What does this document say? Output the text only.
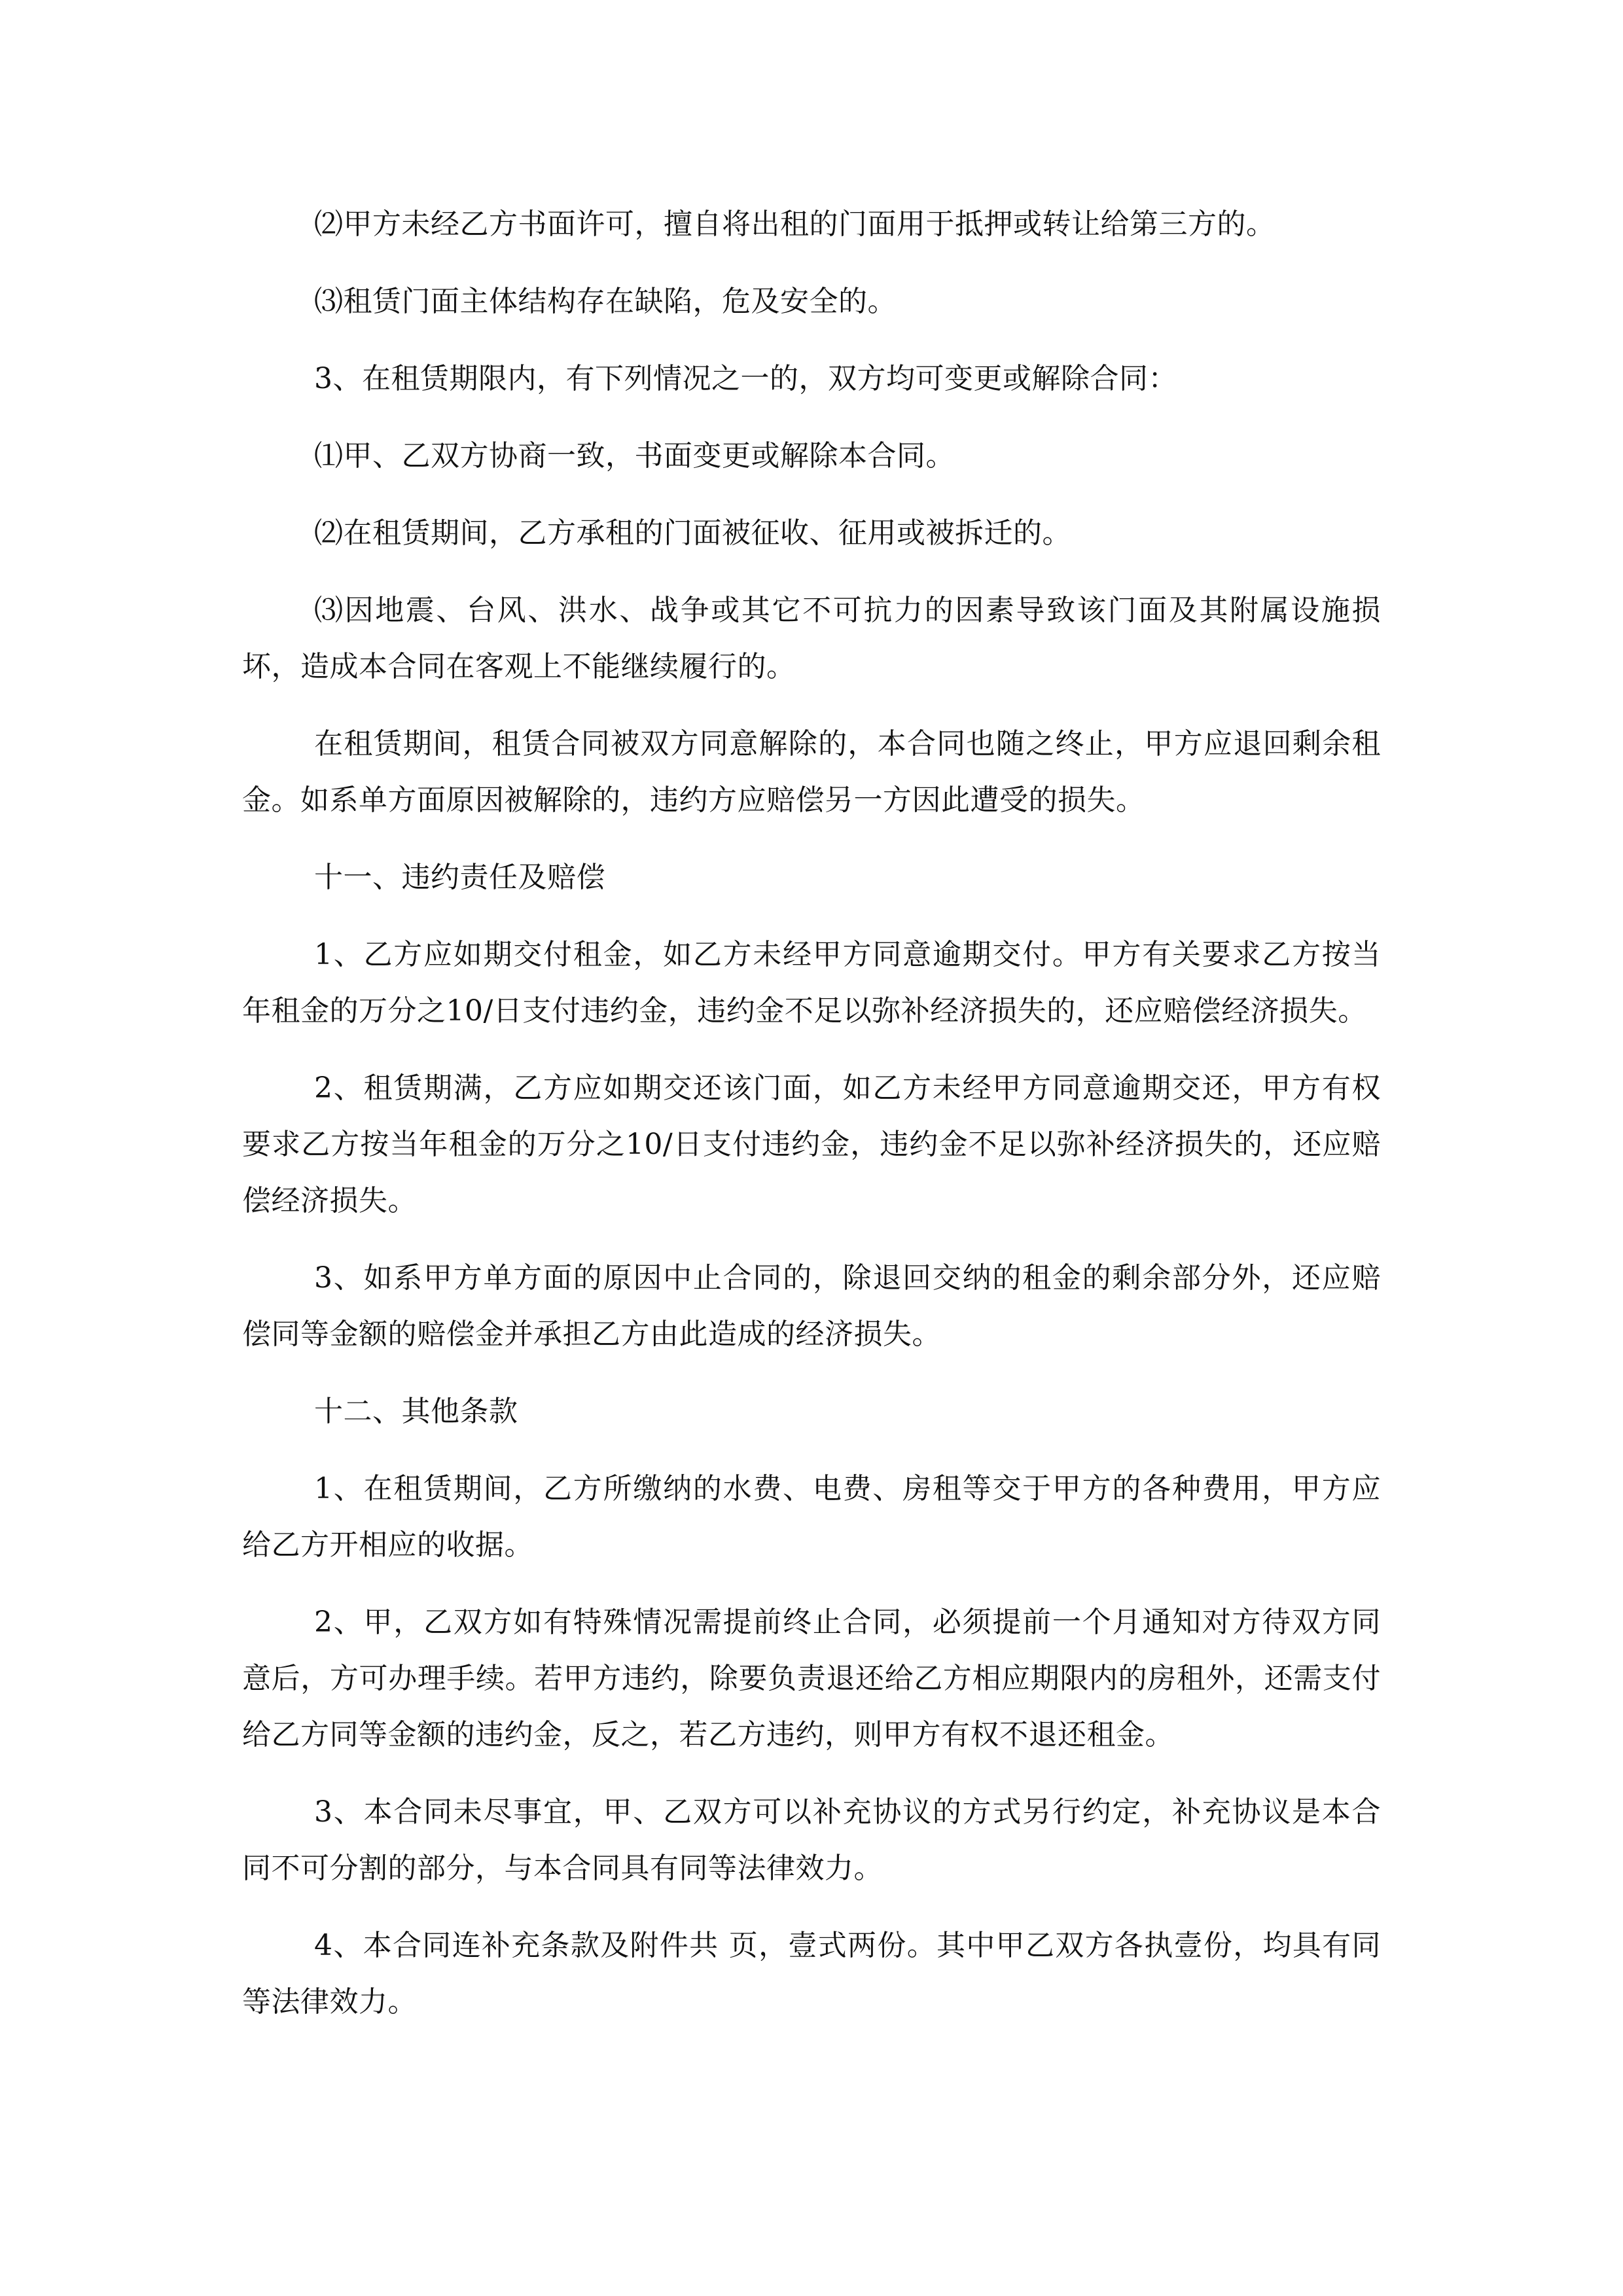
⑵甲方未经乙方书面许可，擅自将出租的门面用于抵押或转让给第三方的。

⑶租赁门面主体结构存在缺陷，危及安全的。

3、在租赁期限内，有下列情况之一的，双方均可变更或解除合同：

⑴甲、乙双方协商一致，书面变更或解除本合同。

⑵在租赁期间，乙方承租的门面被征收、征用或被拆迁的。

⑶因地震、台风、洪水、战争或其它不可抗力的因素导致该门面及其附属设施损坏，造成本合同在客观上不能继续履行的。

在租赁期间，租赁合同被双方同意解除的，本合同也随之终止，甲方应退回剩余租金。如系单方面原因被解除的，违约方应赔偿另一方因此遭受的损失。

十一、违约责任及赔偿

1、乙方应如期交付租金，如乙方未经甲方同意逾期交付。甲方有关要求乙方按当年租金的万分之10/日支付违约金，违约金不足以弥补经济损失的，还应赔偿经济损失。

2、租赁期满，乙方应如期交还该门面，如乙方未经甲方同意逾期交还，甲方有权要求乙方按当年租金的万分之10/日支付违约金，违约金不足以弥补经济损失的，还应赔偿经济损失。

3、如系甲方单方面的原因中止合同的，除退回交纳的租金的剩余部分外，还应赔偿同等金额的赔偿金并承担乙方由此造成的经济损失。

十二、其他条款

1、在租赁期间，乙方所缴纳的水费、电费、房租等交于甲方的各种费用，甲方应给乙方开相应的收据。

2、甲，乙双方如有特殊情况需提前终止合同，必须提前一个月通知对方待双方同意后，方可办理手续。若甲方违约，除要负责退还给乙方相应期限内的房租外，还需支付给乙方同等金额的违约金，反之，若乙方违约，则甲方有权不退还租金。

3、本合同未尽事宜，甲、乙双方可以补充协议的方式另行约定，补充协议是本合同不可分割的部分，与本合同具有同等法律效力。

4、本合同连补充条款及附件共 页，壹式两份。其中甲乙双方各执壹份，均具有同等法律效力。
